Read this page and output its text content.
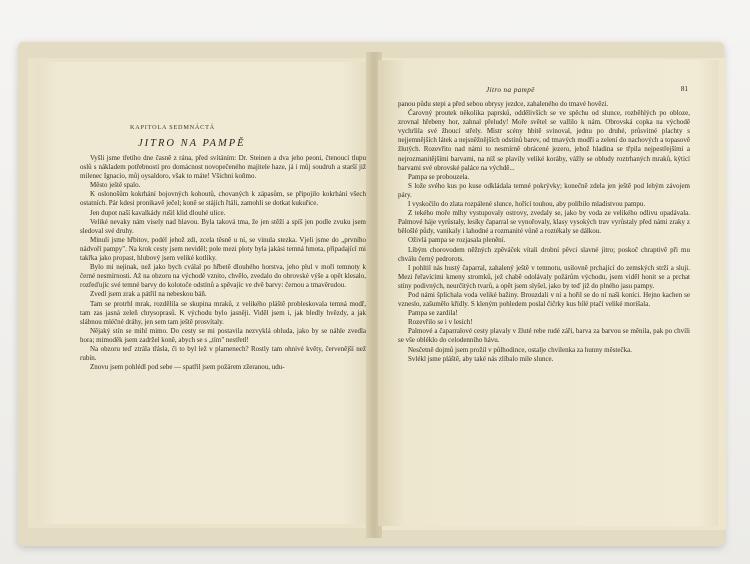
KAPITOLA SEDMNÁCTÁ
JITRO NA PAMPĚ

Vyšli jsme třetího dne časně z rána, před svítáním: Dr. Steinen a dva jeho peoni, čtenoucí tlupu oslů s nákladem potřebností pro domácnost novopečeného majitele haze, já i můj soudruh a starší již milenec Ignacio, můj oysaldoro, však to máte! Všichni koňmo.

Město ještě spalo.

K oslonošům kokrhání bojovných kohoutů, chovaných k zápasům, se připojilo kokrhání všech ostatních. Pár kdesi pronikavě ječel; koně se stájích řtáli, zamohli se dotkat kukuřice.

Jen dupot naší kavalkády rušil klid dlouhé ulice.

Veliké nevaky nám visely nad hlavou. Byla taková tma, že jen stěží a spíš jen podle zvuku jsem sledoval své druhy.

Minuli jsme hřbitov, podél jehož zdi, zcela těsně u ní, se vinula stezka. Vjeli jsme do „prvního nádvoří pampy". Na krok cesty jsem neviděl; pole mezi ploty byla jakási temná hmota, připadající mi takřka jako propast, hlubový jsem veliké kotlíky.

Bylo mi nejinak, než jako bych cválal po hřbetě dlouhého horstva, jeho plul v moři temnoty k černé nesmírnosti. Až na obzoru na východě vznito, chvělo, zvedalo do obrovské výše a opět klesalo, rozřeďujíc své temné barvy do kolotoče odstínů a spěvajíc ve dvě barvy: černou a tmavěrudou.

Zvedl jsem zrak a pátřil na nebeskou báň.

Tam se protrhl mrak, rozdělila se skupina mraků, z velikého pláště probleskovala temná modř, tam zas jasná zeleň chrysoprasů. K východu bylo jasněji. Viděl jsem i, jak bledly hvězdy, a jak slábnou mléčné dráhy, jen sem tam ještě prosvítaly.

Nějaký stín se mihl mimo. Do cesty se mi postavila nezvyklá obluda, jako by se náhle zvedla hora; mimoděk jsem zadržel koně, abych se s „tím" nestřetl!

Na obzoru teď ztrála třásla, či to byl lež v plamenech? Rostly tam ohnivé květy, červenější než rubín.

Znovu jsem pohlédl pod sebe — spatřil jsem požárem zžeranou, udu-

Jitro na pampě	81

panou půdu stepi a před sebou obrysy jezdce, zahaleného do tmavé hovězí.

Čarovný proutek několika paprsků, oddělivších se ve spěchu od slunce, rozběhlých po obloze, zrovnal hřebeny hor, zahnal přeludy! Moře světel se vallilo k nám. Obrovská copka na východě vychrlila své žhoucí střely. Mistr scény hbitě svinoval, jednu po druhé, průsvitné plachty s nejjemnějších látek a nejsněžnějších odstínů barev, od tmavých modří a zelení do nachových a topasově žlutých. Rozevřito nad námi to nesmírně obrácené jezero, jehož hladina se třpila nejpestřejšími a nejrozmanitějšími barvami, na níž se plavily veliké koráby, vážly se obludy roztrhaných mraků, kýtící barvami své obrovské paláce na výchdě...

Pampa se probouzela.

S lože svého kus po kuse odkládala temné pokrývky; konečně zdela jen ještě pod lehým závojem páry.

I vyskočilo do zlata rozpálené slunce, hořící touhou, aby políbilo mladistvou pampu.

Z tekého moře mlhy vystupovaly ostrovy, zvedaly se, jako by voda ze velikého odlivu opadávala. Palmové háje vyrůstaly, lesíky čaparral se vynořovaly, klasy vysokých trav vyrůstaly před námi zraky z bělošlé půdy, vanikaly i lahodné a rozmanité vůně a roztékaly se dálkou.

Oživlá pampa se rozjasala plenění.

Líbým chorovodem něžných zpěváček vítali drobní pěvci slavné jitro; poskoč chraptivě při mu chválu černý pedrorots.

I pohltil nás hustý čaparral, zahalený ještě v temnotu, usilovně prchající do zemských strží a sluji. Mezi řeřavícími kmeny stromků, jež chabě odolávaly požárům východu, jsem viděl honit se a prchat stíny podivných, neurčitých tvarů, a opět jsem slyšel, jako by teď již do plného jasu pampy.

Pod námi šplíchala voda veliké bažiny. Brouzdali v ní a hořil se do ní naši koníci. Hejno kachen se vzneslo, zašumělo křídly. S kleným pohledem poslal čičrky kus bílé ptačí veliké morišala.

Pampa se zardila!

Rozevřilo se i v lesích!

Palmové a čaparralové cesty plavaly v žluté rebe rudé záři, barva za barvou se měnila, pak po chvíli se vše obléklo do celodenního hávu.

Nesčetně dojmů jsem prožil v půlhodince, ostalje chvilenka za hunny městečka.

Svlékl jsme pláště, aby také nás zlíbalo mile slunce.
